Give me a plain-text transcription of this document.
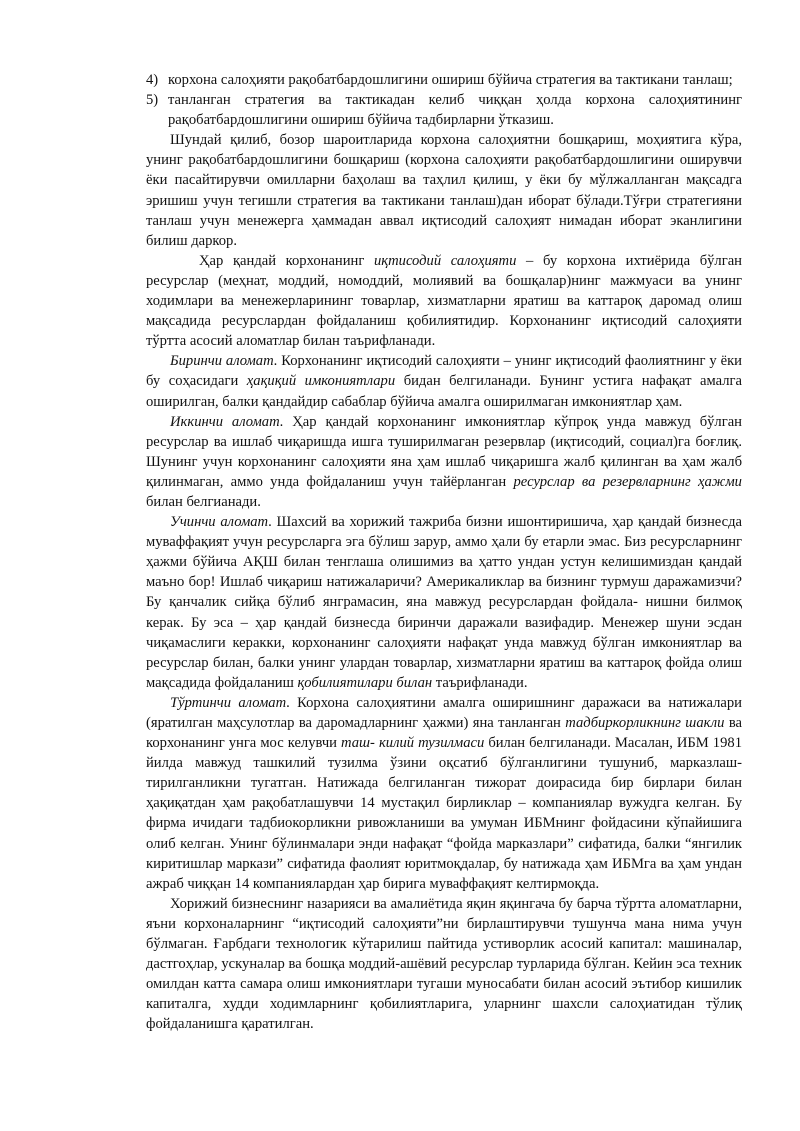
4) корхона салоҳияти рақобатбардошлигини ошириш бўйича стратегия ва тактикани танлаш;
5) танланган стратегия ва тактикадан келиб чиққан ҳолда корхона салоҳиятининг рақобатбардошлигини ошириш бўйича тадбирларни ўтказиш.

Шундай қилиб, бозор шароитларида корхона салоҳиятни бошқариш, моҳиятига кўра, унинг рақобатбардошлигини бошқариш (корхона салоҳияти рақобатбардошлигини оширувчи ёки пасайтирувчи омилларни баҳолаш ва таҳлил қилиш, у ёки бу мўлжалланган мақсадга эришиш учун тегишли стратегия ва тактикани танлаш)дан иборат бўлади.Тўғри стратегияни танлаш учун менежерга ҳаммадан аввал иқтисодий салоҳият нимадан иборат эканлигини билиш даркор.

Ҳар қандай корхонанинг иқтисодий салоҳияти – бу корхона ихтиёрида бўлган ресурслар (меҳнат, моддий, номоддий, молиявий ва бошқалар)нинг мажмуаси ва унинг ходимлари ва менежерларининг товарлар, хизматларни яратиш ва каттароқ даромад олиш мақсадида ресурслардан фойдаланиш қобилиятидир. Корхонанинг иқтисодий салоҳияти тўртта асосий аломатлар билан таърифланади.

Биринчи аломат. Корхонанинг иқтисодий салоҳияти – унинг иқтисодий фаолиятнинг у ёки бу соҳасидаги ҳақиқий имкониятлари бидан белгиланади. Бунинг устига нафақат амалга оширилган, балки қандайдир сабаблар бўйича амалга оширилмаган имкониятлар ҳам.

Иккинчи аломат. Ҳар қандай корхонанинг имкониятлар кўпроқ унда мавжуд бўлган ресурслар ва ишлаб чиқаришда ишга туширилмаган резервлар (иқтисодий, социал)га боғлиқ. Шунинг учун корхонанинг салоҳияти яна ҳам ишлаб чиқаришга жалб қилинган ва ҳам жалб қилинмаган, аммо унда фойдаланиш учун тайёрланган ресурслар ва резервларнинг ҳажми билан белгианади.

Учинчи аломат. Шахсий ва хорижий тажриба бизни ишонтиришича, ҳар қандай бизнесда муваффақият учун ресурсларга эга бўлиш зарур, аммо ҳали бу етарли эмас. Биз ресурсларнинг ҳажми бўйича АҚШ билан тенглаша олишимиз ва ҳатто ундан устун келишимиздан қандай маъно бор! Ишлаб чиқариш натижаларичи? Америкаликлар ва бизнинг турмуш даражамизчи? Бу қанчалик сийқа бўлиб янграмасин, яна мавжуд ресурслардан фойдала- нишни билмоқ керак. Бу эса – ҳар қандай бизнесда биринчи даражали вазифадир. Менежер шуни эсдан чиқамаслиги керакки, корхонанинг салоҳияти нафақат унда мавжуд бўлган имкониятлар ва ресурслар билан, балки унинг улардан товарлар, хизматларни яратиш ва каттароқ фойда олиш мақсадида фойдаланиш қобилиятилари билан таърифланади.

Тўртинчи аломат. Корхона салоҳиятини амалга оширишнинг даражаси ва натижалари (яратилган маҳсулотлар ва даромадларнинг ҳажми) яна танланган тадбиркорликнинг шакли ва корхонанинг унга мос келувчи таш- килий тузилмаси билан белгиланади. Масалан, ИБМ 1981 йилда мавжуд ташкилий тузилма ўзини оқсатиб бўлганлигини тушуниб, марказлаш- тирилганликни тугатган. Натижада белгиланган тижорат доирасида бир бирлари билан ҳақиқатдан ҳам рақобатлашувчи 14 мустақил бирликлар – компаниялар вужудга келган. Бу фирма ичидаги тадбиокорликни ривожланиши ва умуман ИБМнинг фойдасини кўпайишига олиб келган. Унинг бўлинмалари энди нафақат “фойда марказлари” сифатида, балки “янгилик киритишлар маркази” сифатида фаолият юритмоқдалар, бу натижада ҳам ИБМга ва ҳам ундан ажраб чиққан 14 компаниялардан ҳар бирига муваффақият келтирмоқда.

Хорижий бизнеснинг назарияси ва амалиётида яқин яқингача бу барча тўртта аломатларни, яъни корхоналарнинг “иқтисодий салоҳияти”ни бирлаштирувчи тушунча мана нима учун бўлмаган. Ғарбдаги технологик кўтарилиш пайтида устиворлик асосий капитал: машиналар, дастгоҳлар, ускуналар ва бошқа моддий-ашёвий ресурслар турларида бўлган. Кейин эса техник омилдан катта самара олиш имкониятлари тугаши муносабати билан асосий эътибор кишилик капиталга, худди ходимларнинг қобилиятларига, уларнинг шахсли салоҳиатидан тўлиқ фойдаланишга қаратилган.
